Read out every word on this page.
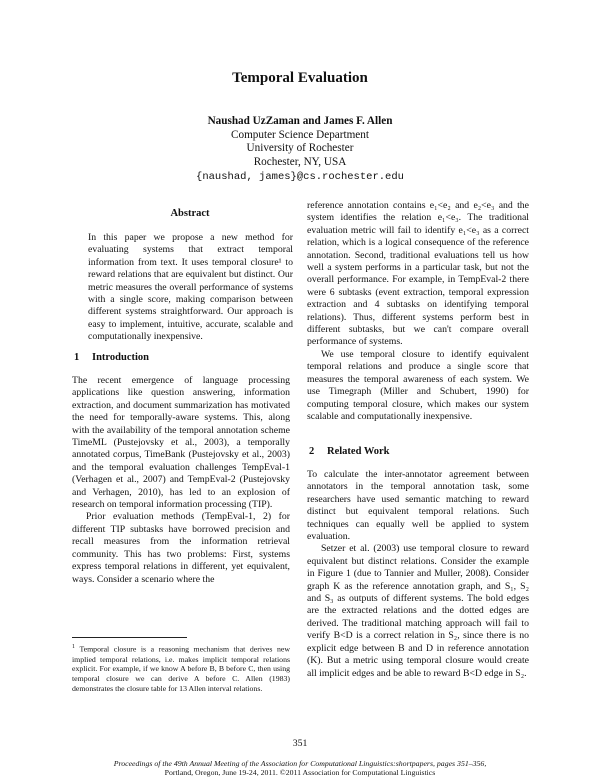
Temporal Evaluation
Naushad UzZaman and James F. Allen
Computer Science Department
University of Rochester
Rochester, NY, USA
{naushad, james}@cs.rochester.edu
Abstract

In this paper we propose a new method for evaluating systems that extract temporal information from text. It uses temporal closure¹ to reward relations that are equivalent but distinct. Our metric measures the overall performance of systems with a single score, making comparison between different systems straightforward. Our approach is easy to implement, intuitive, accurate, scalable and computationally inexpensive.

1 Introduction

The recent emergence of language processing applications like question answering, information extraction, and document summarization has motivated the need for temporally-aware systems. This, along with the availability of the temporal annotation scheme TimeML (Pustejovsky et al., 2003), a temporally annotated corpus, TimeBank (Pustejovsky et al., 2003) and the temporal evaluation challenges TempEval-1 (Verhagen et al., 2007) and TempEval-2 (Pustejovsky and Verhagen, 2010), has led to an explosion of research on temporal information processing (TIP).

Prior evaluation methods (TempEval-1, 2) for different TIP subtasks have borrowed precision and recall measures from the information retrieval community. This has two problems: First, systems express temporal relations in different, yet equivalent, ways. Consider a scenario where the

$^1$ Temporal closure is a reasoning mechanism that derives new implied temporal relations, i.e. makes implicit temporal relations explicit. For example, if we know A before B, B before C, then using temporal closure we can derive A before C. Allen (1983) demonstrates the closure table for 13 Allen interval relations.

reference annotation contains e₁<e₂ and e₂<e₃ and the system identifies the relation e₁<e₃. The traditional evaluation metric will fail to identify e₁<e₃ as a correct relation, which is a logical consequence of the reference annotation. Second, traditional evaluations tell us how well a system performs in a particular task, but not the overall performance. For example, in TempEval-2 there were 6 subtasks (event extraction, temporal expression extraction and 4 subtasks on identifying temporal relations). Thus, different systems perform best in different subtasks, but we can't compare overall performance of systems.

We use temporal closure to identify equivalent temporal relations and produce a single score that measures the temporal awareness of each system. We use Timegraph (Miller and Schubert, 1990) for computing temporal closure, which makes our system scalable and computationally inexpensive.

2 Related Work

To calculate the inter-annotator agreement between annotators in the temporal annotation task, some researchers have used semantic matching to reward distinct but equivalent temporal relations. Such techniques can equally well be applied to system evaluation.

Setzer et al. (2003) use temporal closure to reward equivalent but distinct relations. Consider the example in Figure 1 (due to Tannier and Muller, 2008). Consider graph K as the reference annotation graph, and S₁, S₂ and S₃ as outputs of different systems. The bold edges are the extracted relations and the dotted edges are derived. The traditional matching approach will fail to verify B<D is a correct relation in S₂, since there is no explicit edge between B and D in reference annotation (K). But a metric using temporal closure would create all implicit edges and be able to reward B<D edge in S₂.

351
Proceedings of the 49th Annual Meeting of the Association for Computational Linguistics:shortpapers, pages 351–356,
Portland, Oregon, June 19-24, 2011. ©2011 Association for Computational Linguistics
